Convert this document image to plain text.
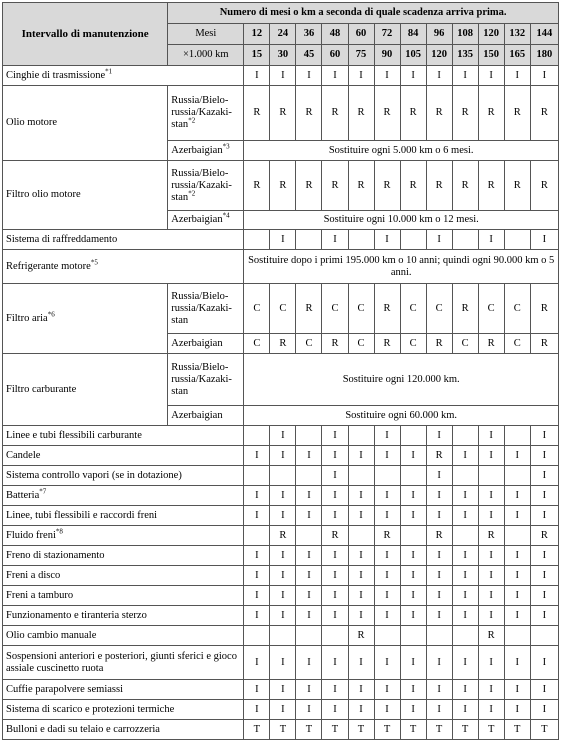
Intervallo di manutenzione	Numero di mesi o km a seconda di quale scadenza arriva prima.												
	Mesi	12	24	36	48	60	72	84	96	108	120	132	144
	×1.000 km	15	30	45	60	75	90	105	120	135	150	165	180
Cinghie di trasmissione$^{*1}$		I	I	I	I	I	I	I	I	I	I	I	I
Olio motore	Russia/Bielo-russia/Kazaki-stan$^{*2}$	R	R	R	R	R	R	R	R	R	R	R	R
	Azerbaigian$^{*3}$	Sostituire ogni 5.000 km o 6 mesi.											
Filtro olio motore	Russia/Bielo-russia/Kazaki-stan$^{*2}$	R	R	R	R	R	R	R	R	R	R	R	R
	Azerbaigian$^{*4}$	Sostituire ogni 10.000 km o 12 mesi.											
Sistema di raffreddamento			I		I		I		I		I		I
Refrigerante motore$^{*5}$		Sostituire dopo i primi 195.000 km o 10 anni; quindi ogni 90.000 km o 5 anni.											
Filtro aria$^{*6}$	Russia/Bielo-russia/Kazaki-stan	C	C	R	C	C	R	C	C	R	C	C	R
	Azerbaigian	C	R	C	R	C	R	C	R	C	R	C	R
Filtro carburante	Russia/Bielo-russia/Kazaki-stan	Sostituire ogni 120.000 km.											
	Azerbaigian	Sostituire ogni 60.000 km.											
Linee e tubi flessibili carburante			I		I		I		I		I		I
Candele		I	I	I	I	I	I	I	R	I	I	I	I
Sistema controllo vapori (se in dotazione)					I				I				I
Batteria$^{*7}$		I	I	I	I	I	I	I	I	I	I	I	I
Linee, tubi flessibili e raccordi freni		I	I	I	I	I	I	I	I	I	I	I	I
Fluido freni$^{*8}$			R		R		R		R		R		R
Freno di stazionamento		I	I	I	I	I	I	I	I	I	I	I	I
Freni a disco		I	I	I	I	I	I	I	I	I	I	I	I
Freni a tamburo		I	I	I	I	I	I	I	I	I	I	I	I
Funzionamento e tiranteria sterzo		I	I	I	I	I	I	I	I	I	I	I	I
Olio cambio manuale						R					R		
Sospensioni anteriori e posteriori, giunti sferici e gioco assiale cuscinetto ruota		I	I	I	I	I	I	I	I	I	I	I	I
Cuffie parapolvere semiassi		I	I	I	I	I	I	I	I	I	I	I	I
Sistema di scarico e protezioni termiche		I	I	I	I	I	I	I	I	I	I	I	I
Bulloni e dadi su telaio e carrozzeria		T	T	T	T	T	T	T	T	T	T	T	T
